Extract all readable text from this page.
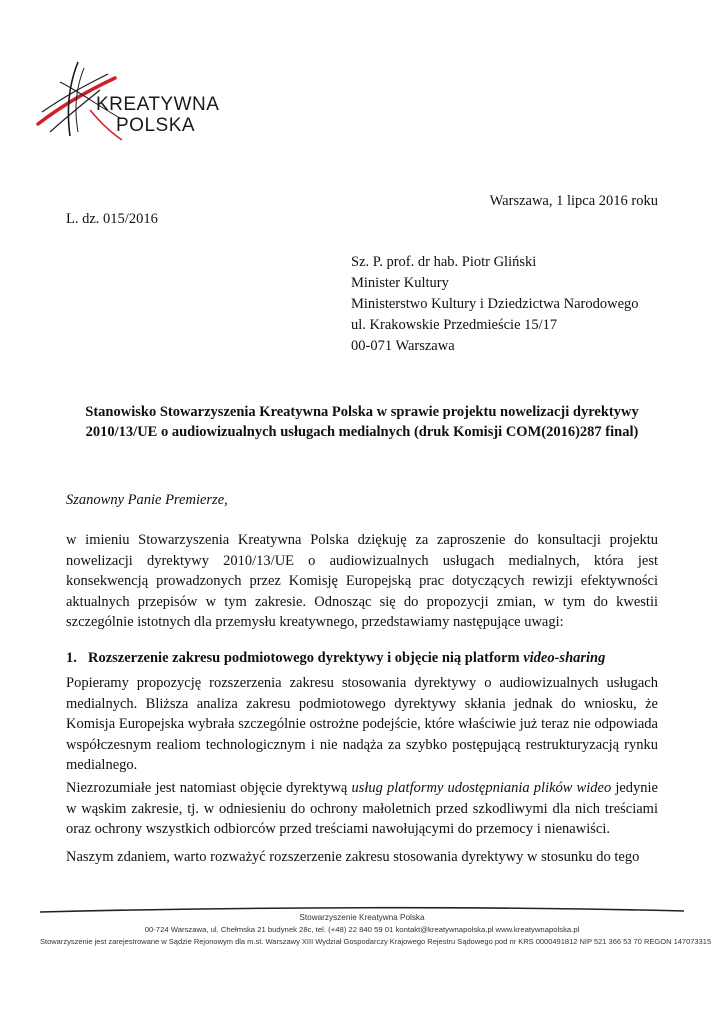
KREATYWNA
POLSKA
Warszawa, 1 lipca 2016 roku
L. dz. 015/2016
Sz. P. prof. dr hab. Piotr Gliński
Minister Kultury
Ministerstwo Kultury i Dziedzictwa Narodowego
ul. Krakowskie Przedmieście 15/17
00-071 Warszawa
Stanowisko Stowarzyszenia Kreatywna Polska w sprawie projektu nowelizacji dyrektywy 2010/13/UE o audiowizualnych usługach medialnych (druk Komisji COM(2016)287 final)
Szanowny Panie Premierze,

w imieniu Stowarzyszenia Kreatywna Polska dziękuję za zaproszenie do konsultacji projektu nowelizacji dyrektywy 2010/13/UE o audiowizualnych usługach medialnych, która jest konsekwencją prowadzonych przez Komisję Europejską prac dotyczących rewizji efektywności aktualnych przepisów w tym zakresie. Odnosząc się do propozycji zmian, w tym do kwestii szczególnie istotnych dla przemysłu kreatywnego, przedstawiamy następujące uwagi:

1. Rozszerzenie zakresu podmiotowego dyrektywy i objęcie nią platform video-sharing

Popieramy propozycję rozszerzenia zakresu stosowania dyrektywy o audiowizualnych usługach medialnych. Bliższa analiza zakresu podmiotowego dyrektywy skłania jednak do wniosku, że Komisja Europejska wybrała szczególnie ostrożne podejście, które właściwie już teraz nie odpowiada współczesnym realiom technologicznym i nie nadąża za szybko postępującą restrukturyzacją rynku medialnego.

Niezrozumiałe jest natomiast objęcie dyrektywą usług platformy udostępniania plików wideo jedynie w wąskim zakresie, tj. w odniesieniu do ochrony małoletnich przed szkodliwymi dla nich treściami oraz ochrony wszystkich odbiorców przed treściami nawołującymi do przemocy i nienawiści.

Naszym zdaniem, warto rozważyć rozszerzenie zakresu stosowania dyrektywy w stosunku do tego

Stowarzyszenie Kreatywna Polska
00-724 Warszawa, ul. Chełmska 21 budynek 28c, tel. (+48) 22 840 59 01 kontakt@kreatywnapolska.pl www.kreatywnapolska.pl
Stowarzyszenie jest zarejestrowane w Sądzie Rejonowym dla m.st. Warszawy XIII Wydział Gospodarczy Krajowego Rejestru Sądowego pod nr KRS 0000491812 NIP 521 366 53 70 REGON 147073315
